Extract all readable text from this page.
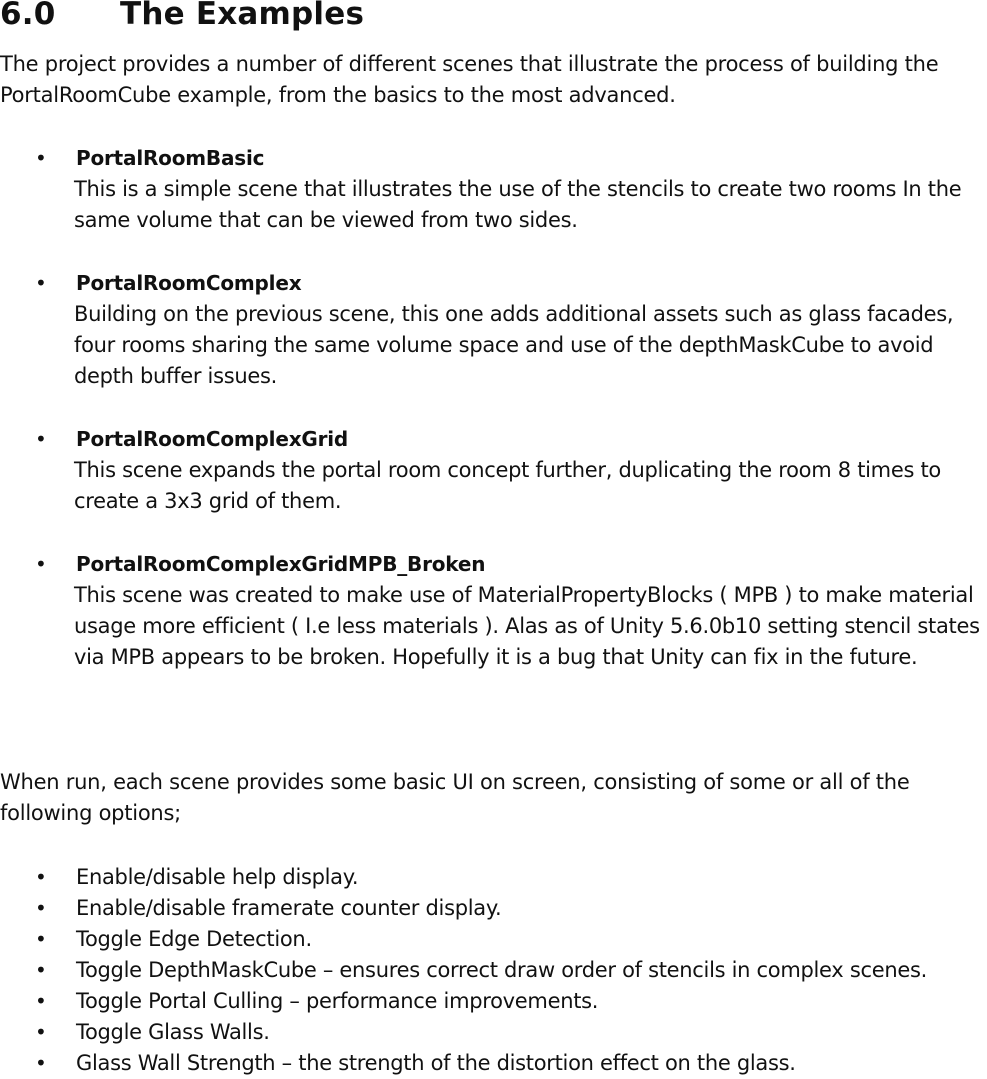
6.0 The Examples
The project provides a number of different scenes that illustrate the process of building the PortalRoomCube example, from the basics to the most advanced.
• PortalRoomBasic
This is a simple scene that illustrates the use of the stencils to create two rooms In the same volume that can be viewed from two sides.
• PortalRoomComplex
Building on the previous scene, this one adds additional assets such as glass facades, four rooms sharing the same volume space and use of the depthMaskCube to avoid depth buffer issues.
• PortalRoomComplexGrid
This scene expands the portal room concept further, duplicating the room 8 times to create a 3x3 grid of them.
• PortalRoomComplexGridMPB_Broken
This scene was created to make use of MaterialPropertyBlocks ( MPB ) to make material usage more efficient ( I.e less materials ). Alas as of Unity 5.6.0b10 setting stencil states via MPB appears to be broken. Hopefully it is a bug that Unity can fix in the future.
When run, each scene provides some basic UI on screen, consisting of some or all of the following options;
• Enable/disable help display.
• Enable/disable framerate counter display.
• Toggle Edge Detection.
• Toggle DepthMaskCube – ensures correct draw order of stencils in complex scenes.
• Toggle Portal Culling – performance improvements.
• Toggle Glass Walls.
• Glass Wall Strength – the strength of the distortion effect on the glass.
